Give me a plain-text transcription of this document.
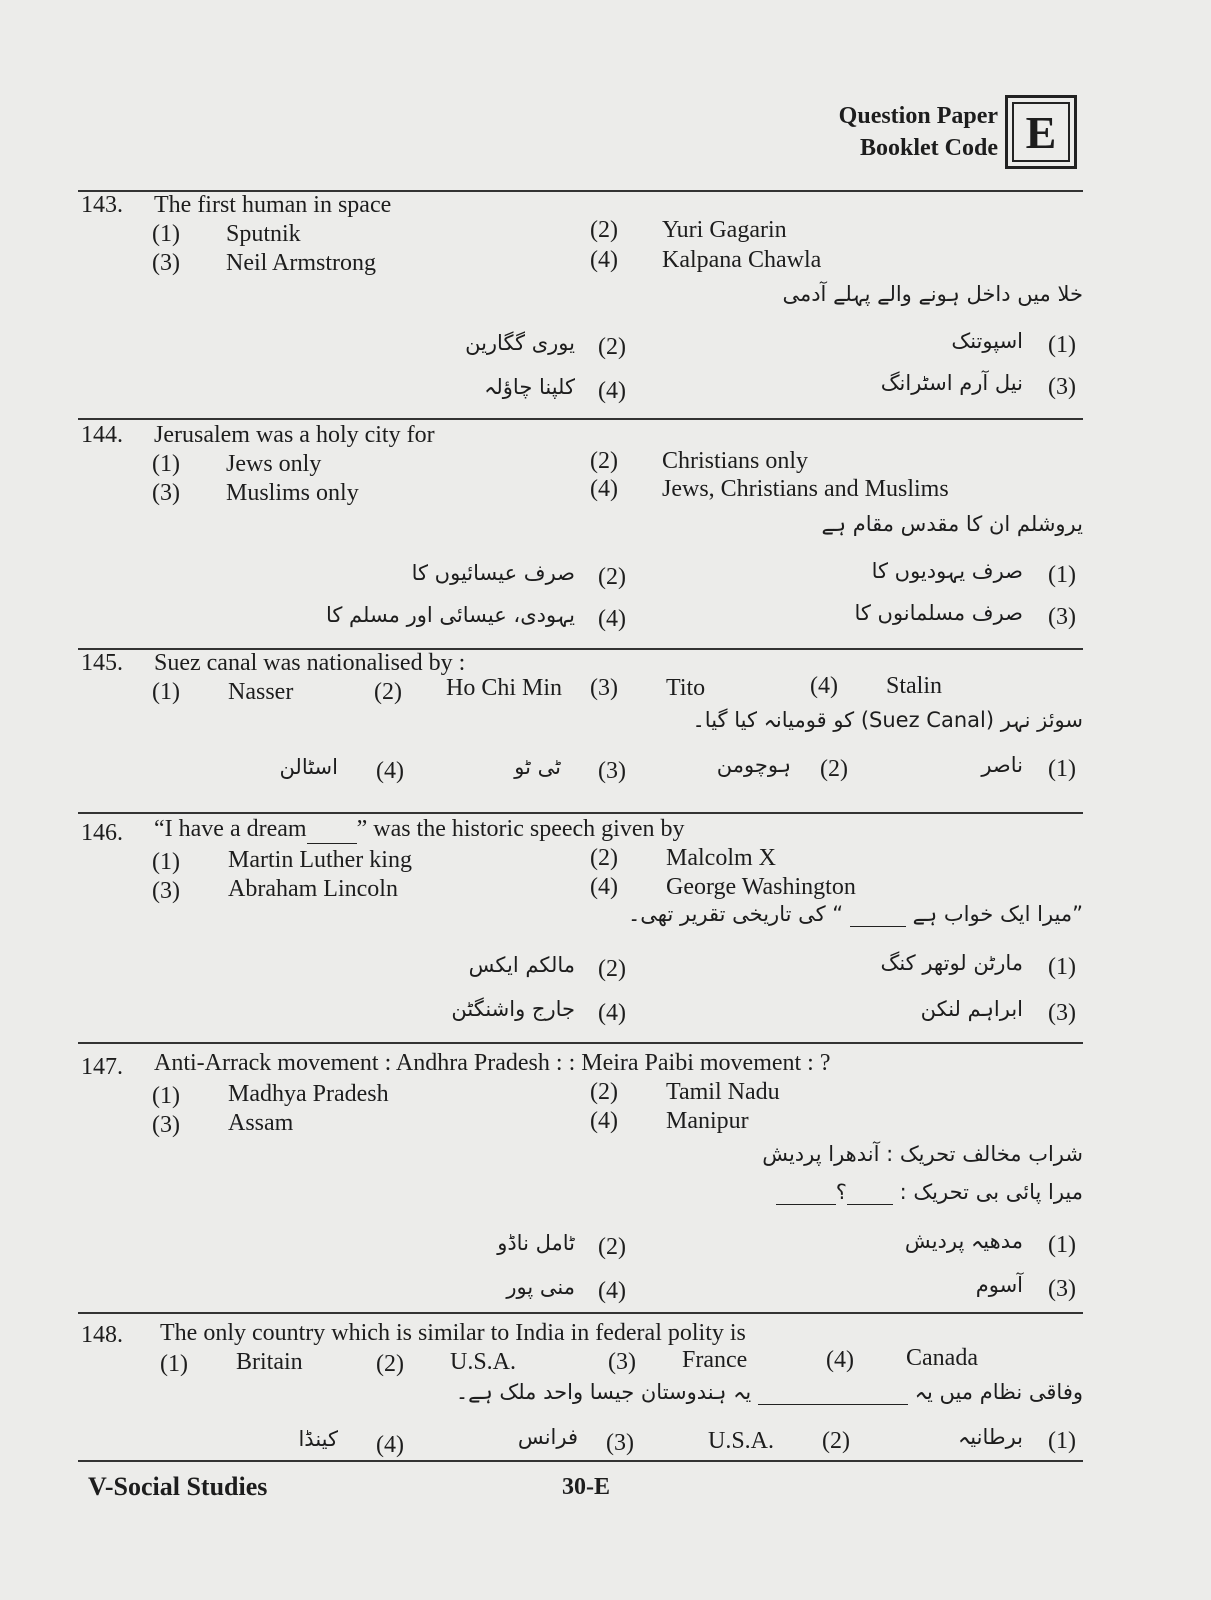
Question Paper
Booklet Code E
143. The first human in space
(1) Sputnik	(2) Yuri Gagarin
(3) Neil Armstrong	(4) Kalpana Chawla
خلا میں داخل ہونے والے پہلے آدمی
(1)
اسپوتنک
(2)
یوری گگارین
(3)
نیل آرم اسٹرانگ
(4)
کلپنا چاؤلہ
144. Jerusalem was a holy city for
(1) Jews only	(2) Christians only
(3) Muslims only	(4) Jews, Christians and Muslims
یروشلم ان کا مقدس مقام ہے
(1)
صرف یہودیوں کا
(2)
صرف عیسائیوں کا
(3)
صرف مسلمانوں کا
(4)
یہودی، عیسائی اور مسلم کا
145. Suez canal was nationalised by :
(1) Nasser	(2) Ho Chi Min (3) Tito	(4) Stalin
سوئز نہر (Suez Canal) کو قومیانہ کیا گیا۔
(1)
ناصر
(2)
ہوچومن
(3)
ٹی ٹو
(4)
اسٹالن
146. “I have a dream ” was the historic speech given by
(1) Martin Luther king	(2) Malcolm X
(3) Abraham Lincoln	(4) George Washington
”میرا ایک خواب ہے   “ کی تاریخی تقریر تھی۔
(1)
مارٹن لوتھر کنگ
(2)
مالکم ایکس
(3)
ابراہم لنکن
(4)
جارج واشنگٹن
147. Anti-Arrack movement : Andhra Pradesh : : Meira Paibi movement : ?
(1) Madhya Pradesh	(2) Tamil Nadu
(3) Assam	(4) Manipur
شراب مخالف تحریک : آندھرا پردیش
میرا پائی بی تحریک :  ؟
(1)
مدھیہ پردیش
(2)
ٹامل ناڈو
(3)
آسوم
(4)
منی پور
148. The only country which is similar to India in federal polity is
(1) Britain	(2) U.S.A.	(3) France	(4) Canada
وفاقی نظام میں یہ   یہ ہندوستان جیسا واحد ملک ہے۔
(1)
برطانیہ
(2)
U.S.A.
(3)
فرانس
(4)
کینڈا
V-Social Studies	30-E
